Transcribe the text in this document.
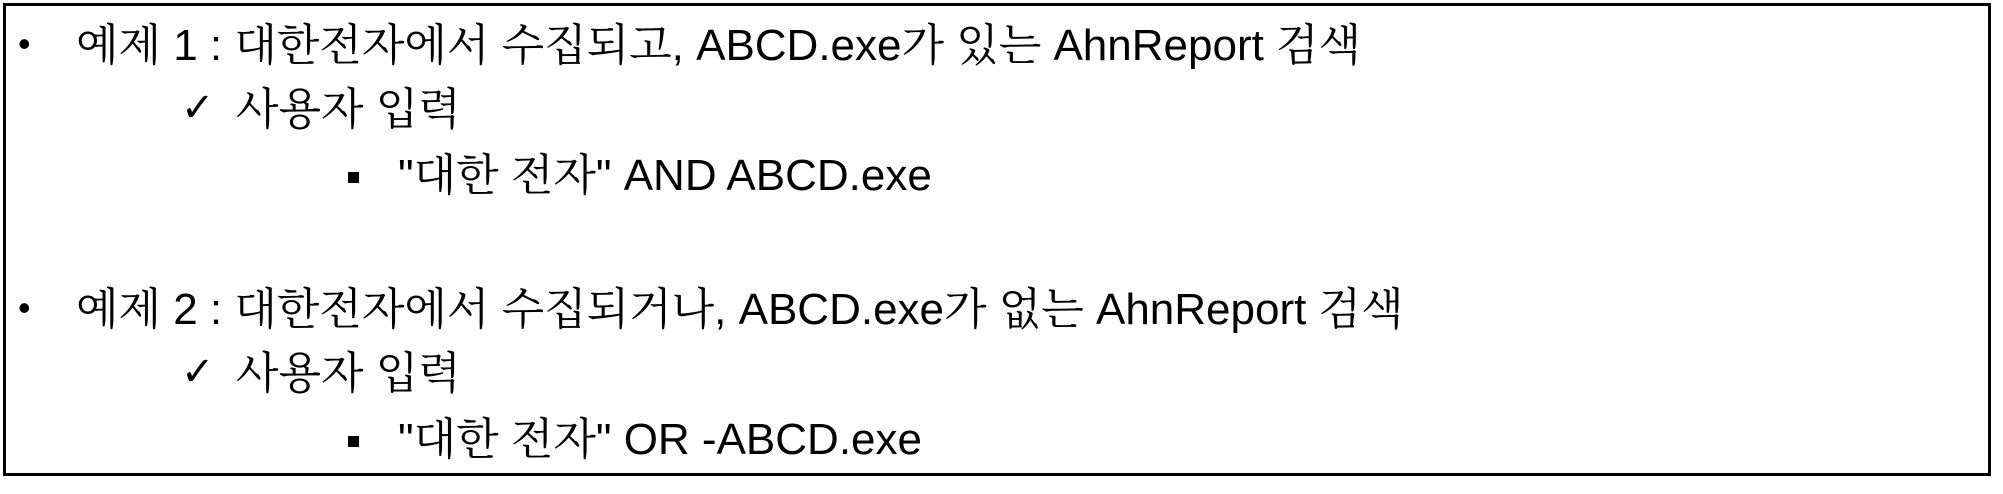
• 예제 1 : 대한전자에서 수집되고, ABCD.exe가 있는 AhnReport 검색
✓ 사용자 입력
"대한 전자" AND ABCD.exe
• 예제 2 : 대한전자에서 수집되거나, ABCD.exe가 없는 AhnReport 검색
✓ 사용자 입력
"대한 전자" OR -ABCD.exe
